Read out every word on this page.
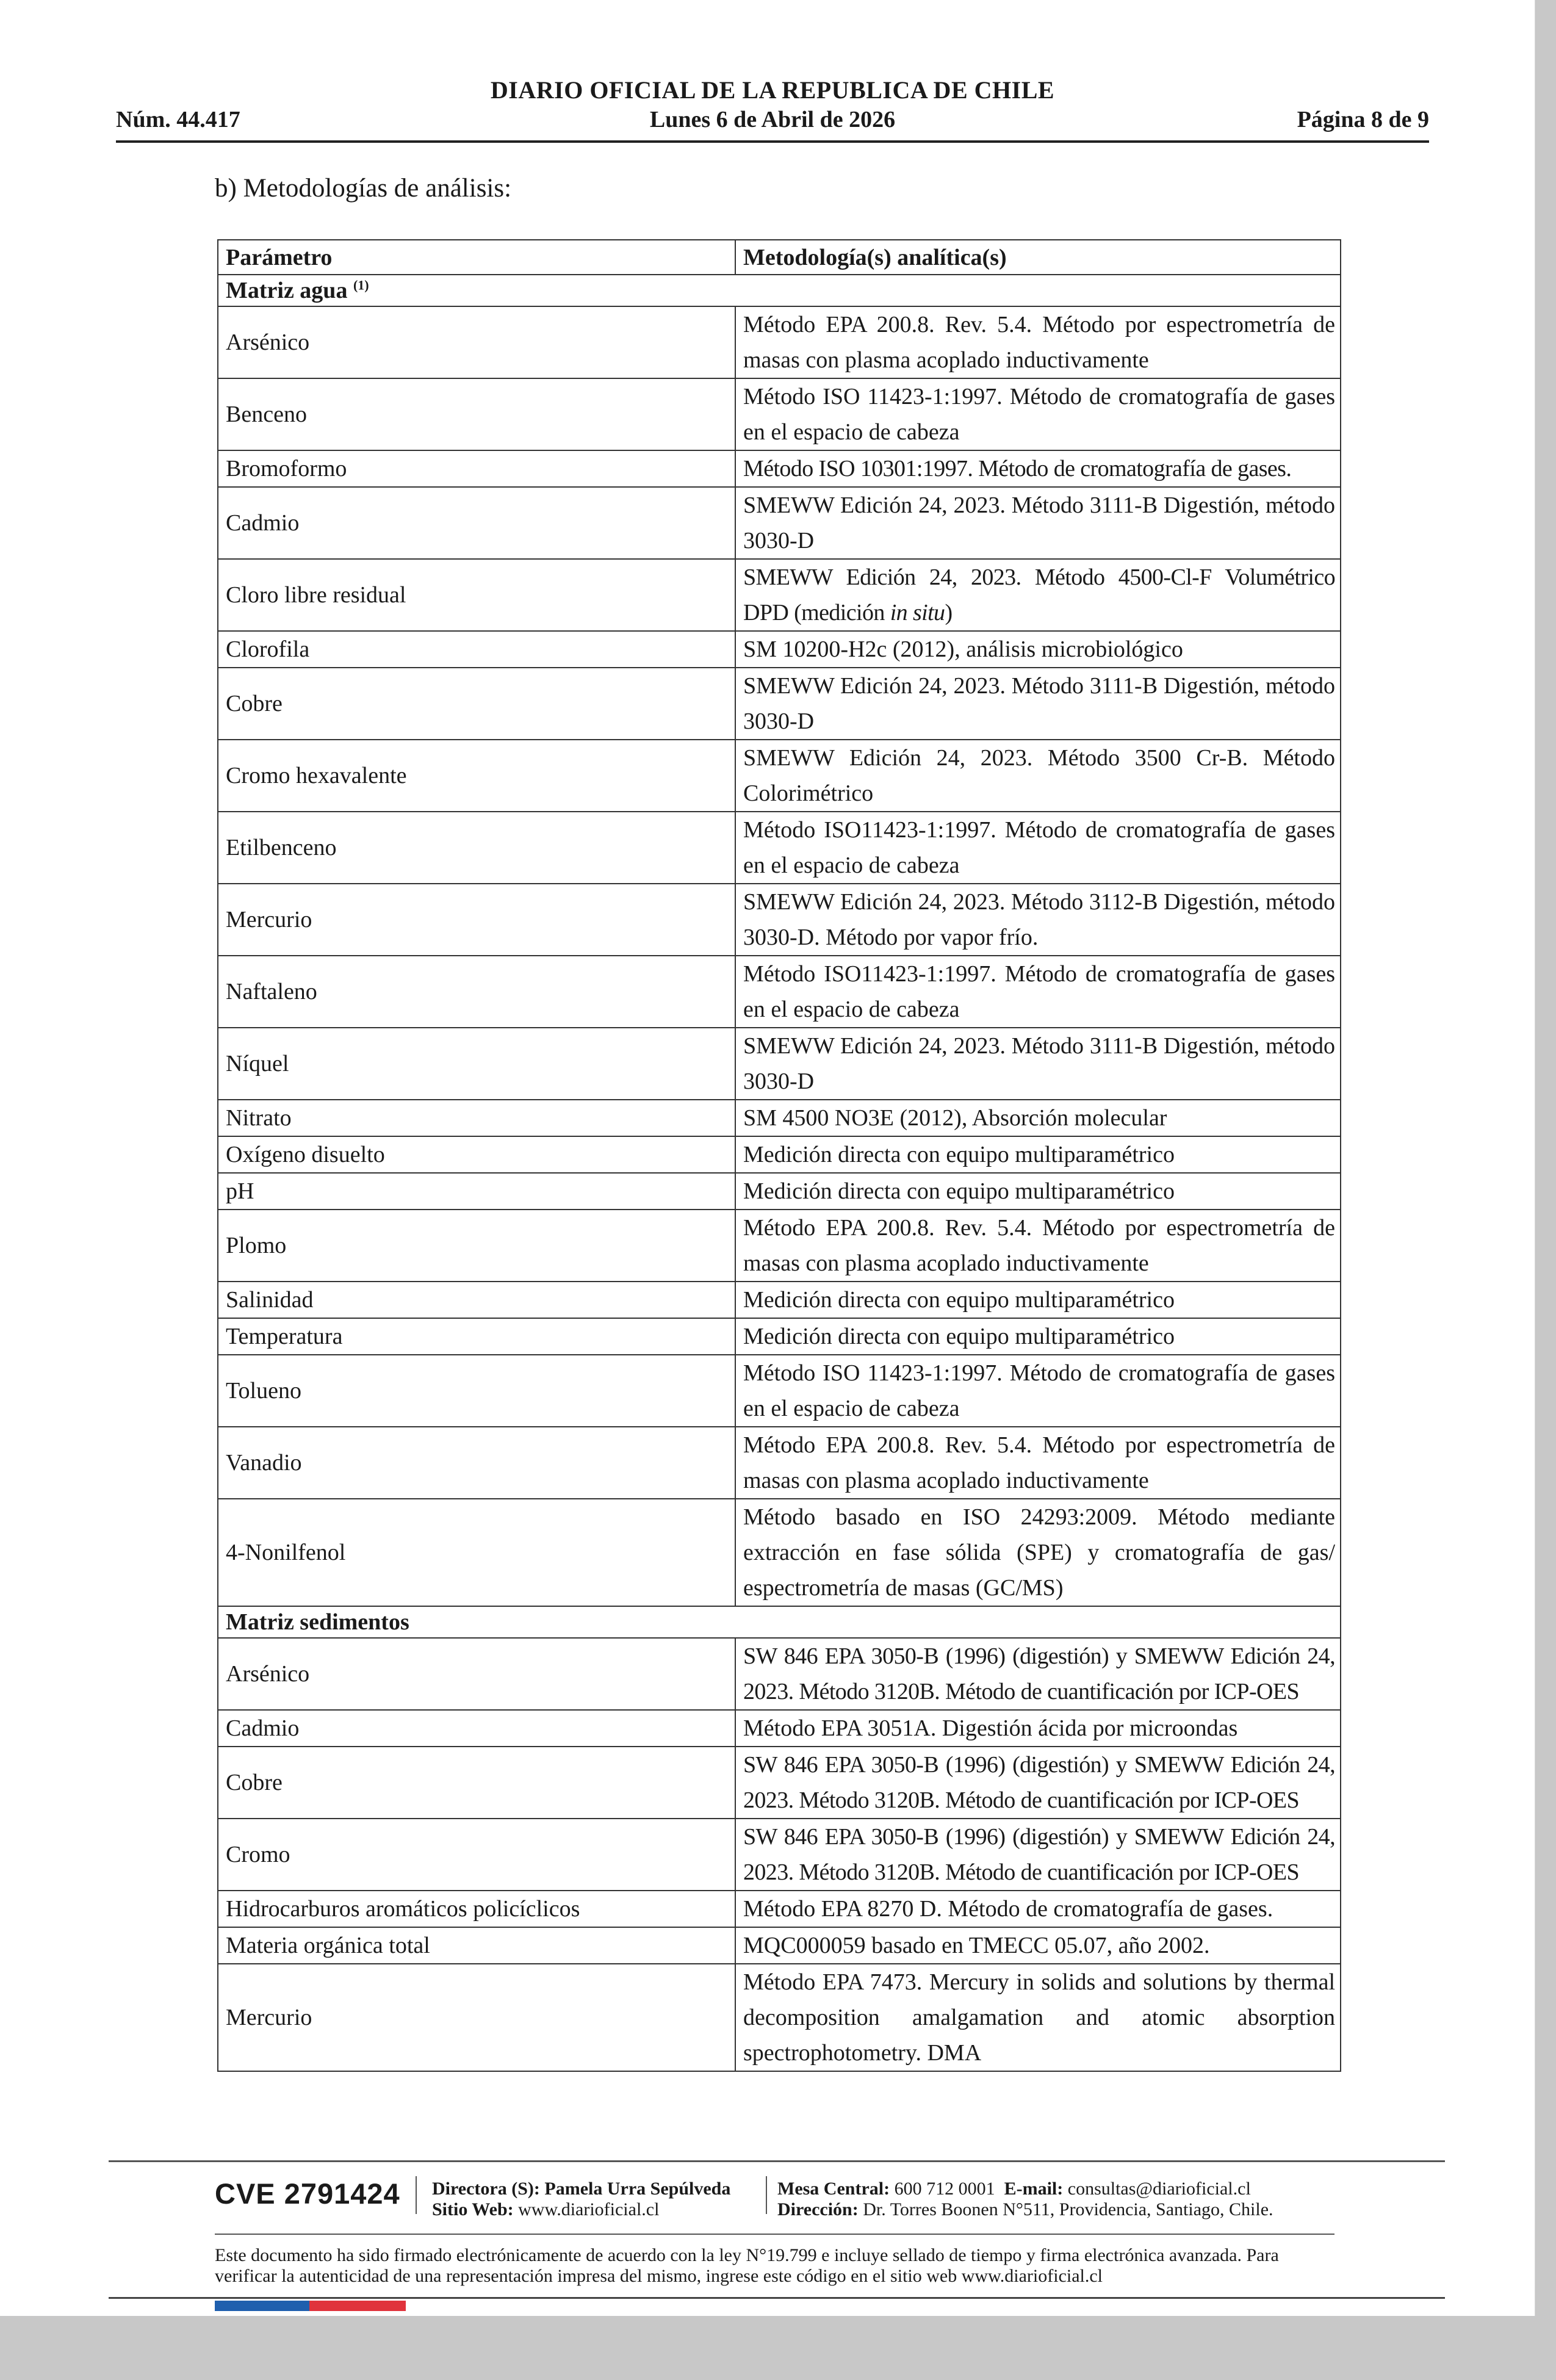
DIARIO OFICIAL DE LA REPUBLICA DE CHILE
Núm. 44.417	Lunes 6 de Abril de 2026	Página 8 de 9
b) Metodologías de análisis:
Parámetro	Metodología(s) analítica(s)
Matriz agua $^{(1)}$
Arsénico	Método EPA 200.8. Rev. 5.4. Método por espectrometría de masas con plasma acoplado inductivamente
Benceno	Método ISO 11423-1:1997. Método de cromatografía de gases en el espacio de cabeza
Bromoformo	Método ISO 10301:1997. Método de cromatografía de gases.
Cadmio	SMEWW Edición 24, 2023. Método 3111-B Digestión, método 3030-D
Cloro libre residual	SMEWW Edición 24, 2023. Método 4500-Cl-F Volumétrico DPD (medición in situ)
Clorofila	SM 10200-H2c (2012), análisis microbiológico
Cobre	SMEWW Edición 24, 2023. Método 3111-B Digestión, método 3030-D
Cromo hexavalente	SMEWW Edición 24, 2023. Método 3500 Cr-B. Método Colorimétrico
Etilbenceno	Método ISO11423-1:1997. Método de cromatografía de gases en el espacio de cabeza
Mercurio	SMEWW Edición 24, 2023. Método 3112-B Digestión, método 3030-D. Método por vapor frío.
Naftaleno	Método ISO11423-1:1997. Método de cromatografía de gases en el espacio de cabeza
Níquel	SMEWW Edición 24, 2023. Método 3111-B Digestión, método 3030-D
Nitrato	SM 4500 NO3E (2012), Absorción molecular
Oxígeno disuelto	Medición directa con equipo multiparamétrico
pH	Medición directa con equipo multiparamétrico
Plomo	Método EPA 200.8. Rev. 5.4. Método por espectrometría de masas con plasma acoplado inductivamente
Salinidad	Medición directa con equipo multiparamétrico
Temperatura	Medición directa con equipo multiparamétrico
Tolueno	Método ISO 11423-1:1997. Método de cromatografía de gases en el espacio de cabeza
Vanadio	Método EPA 200.8. Rev. 5.4. Método por espectrometría de masas con plasma acoplado inductivamente
4-Nonilfenol	Método basado en ISO 24293:2009. Método mediante extracción en fase sólida (SPE) y cromatografía de gas/ espectrometría de masas (GC/MS)
Matriz sedimentos	
Arsénico	SW 846 EPA 3050-B (1996) (digestión) y SMEWW Edición 24, 2023. Método 3120B. Método de cuantificación por ICP-OES
Cadmio	Método EPA 3051A. Digestión ácida por microondas
Cobre	SW 846 EPA 3050-B (1996) (digestión) y SMEWW Edición 24, 2023. Método 3120B. Método de cuantificación por ICP-OES
Cromo	SW 846 EPA 3050-B (1996) (digestión) y SMEWW Edición 24, 2023. Método 3120B. Método de cuantificación por ICP-OES
Hidrocarburos aromáticos policíclicos	Método EPA 8270 D. Método de cromatografía de gases.
Materia orgánica total	MQC000059 basado en TMECC 05.07, año 2002.
Mercurio	Método EPA 7473. Mercury in solids and solutions by thermal decomposition amalgamation and atomic absorption spectrophotometry. DMA
CVE 2791424 Directora (S): Pamela Urra Sepúlveda
Sitio Web: www.diarioficial.cl
Mesa Central: 600 712 0001 E-mail: consultas@diarioficial.cl
Dirección: Dr. Torres Boonen N°511, Providencia, Santiago, Chile.
Este documento ha sido firmado electrónicamente de acuerdo con la ley N°19.799 e incluye sellado de tiempo y firma electrónica avanzada. Para verificar la autenticidad de una representación impresa del mismo, ingrese este código en el sitio web www.diarioficial.cl
